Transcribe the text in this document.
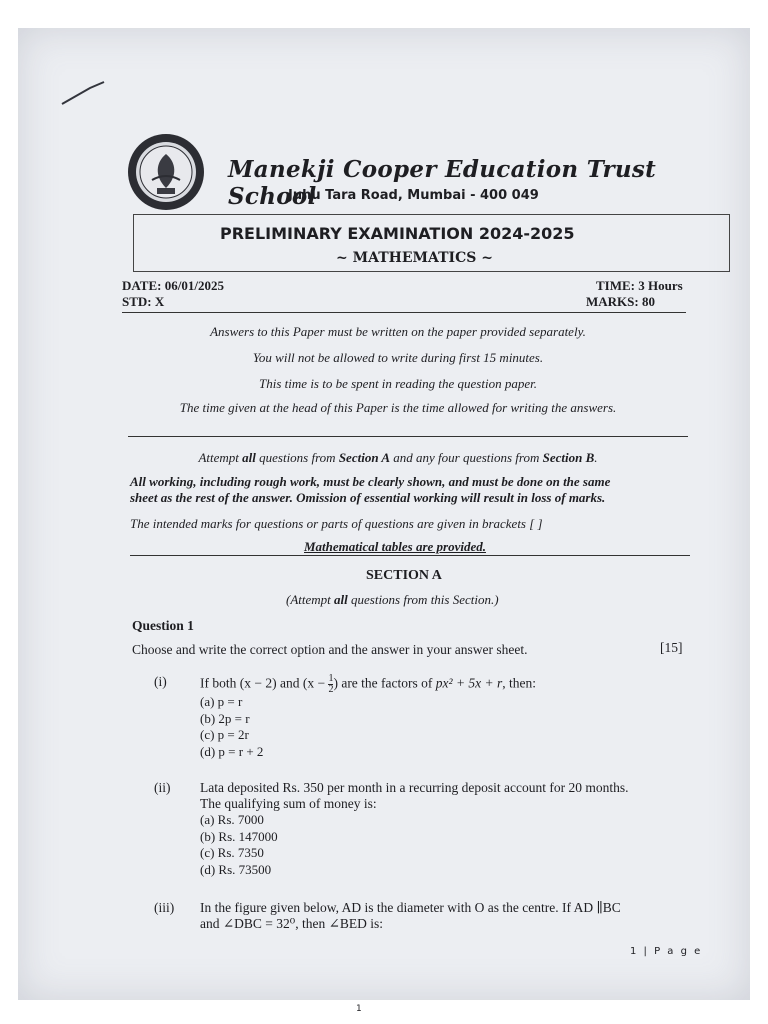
Manekji Cooper Education Trust School
Juhu Tara Road, Mumbai - 400 049
PRELIMINARY EXAMINATION 2024-2025
~ MATHEMATICS ~
DATE: 06/01/2025
STD: X
TIME: 3 Hours
MARKS: 80
Answers to this Paper must be written on the paper provided separately.
You will not be allowed to write during first 15 minutes.
This time is to be spent in reading the question paper.
The time given at the head of this Paper is the time allowed for writing the answers.
Attempt all questions from Section A and any four questions from Section B.
All working, including rough work, must be clearly shown, and must be done on the same
sheet as the rest of the answer. Omission of essential working will result in loss of marks.
The intended marks for questions or parts of questions are given in brackets [ ]
Mathematical tables are provided.
SECTION A
(Attempt all questions from this Section.)
Question 1
Choose and write the correct option and the answer in your answer sheet.	[15]
(i) If both (x − 2) and ($x - \frac{1}{2}$ ) are the factors of px² + 5x + r, then:
(a) p = r
(b) 2p = r
(c) p = 2r
(d) p = r + 2
(ii) Lata deposited Rs. 350 per month in a recurring deposit account for 20 months.
The qualifying sum of money is:
(a) Rs. 7000
(b) Rs. 147000
(c) Rs. 7350
(d) Rs. 73500
(iii) In the figure given below, AD is the diameter with O as the centre. If AD ∥BC
and ∠DBC = 32⁰, then ∠BED is:
1 | P a g e
1
